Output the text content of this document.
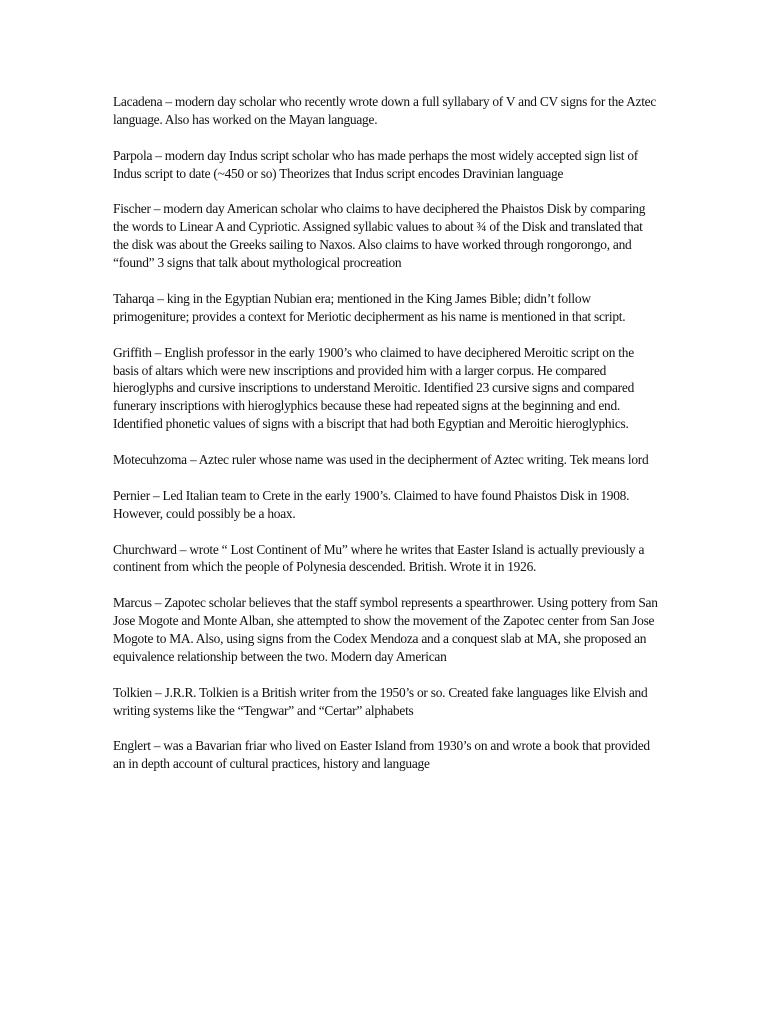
Lacadena – modern day scholar who recently wrote down a full syllabary of V and CV signs for the Aztec language. Also has worked on the Mayan language.

Parpola – modern day Indus script scholar who has made perhaps the most widely accepted sign list of Indus script to date (~450 or so) Theorizes that Indus script encodes Dravinian language

Fischer – modern day American scholar who claims to have deciphered the Phaistos Disk by comparing the words to Linear A and Cypriotic. Assigned syllabic values to about ¾ of the Disk and translated that the disk was about the Greeks sailing to Naxos. Also claims to have worked through rongorongo, and “found” 3 signs that talk about mythological procreation

Taharqa – king in the Egyptian Nubian era; mentioned in the King James Bible; didn’t follow primogeniture; provides a context for Meriotic decipherment as his name is mentioned in that script.

Griffith – English professor in the early 1900’s who claimed to have deciphered Meroitic script on the basis of altars which were new inscriptions and provided him with a larger corpus. He compared hieroglyphs and cursive inscriptions to understand Meroitic. Identified 23 cursive signs and compared funerary inscriptions with hieroglyphics because these had repeated signs at the beginning and end. Identified phonetic values of signs with a biscript that had both Egyptian and Meroitic hieroglyphics.

Motecuhzoma – Aztec ruler whose name was used in the decipherment of Aztec writing. Tek means lord

Pernier – Led Italian team to Crete in the early 1900’s. Claimed to have found Phaistos Disk in 1908. However, could possibly be a hoax.

Churchward – wrote “ Lost Continent of Mu” where he writes that Easter Island is actually previously a continent from which the people of Polynesia descended. British. Wrote it in 1926.

Marcus – Zapotec scholar believes that the staff symbol represents a spearthrower. Using pottery from San Jose Mogote and Monte Alban, she attempted to show the movement of the Zapotec center from San Jose Mogote to MA. Also, using signs from the Codex Mendoza and a conquest slab at MA, she proposed an equivalence relationship between the two. Modern day American

Tolkien – J.R.R. Tolkien is a British writer from the 1950’s or so. Created fake languages like Elvish and writing systems like the “Tengwar” and “Certar” alphabets

Englert – was a Bavarian friar who lived on Easter Island from 1930’s on and wrote a book that provided an in depth account of cultural practices, history and language
